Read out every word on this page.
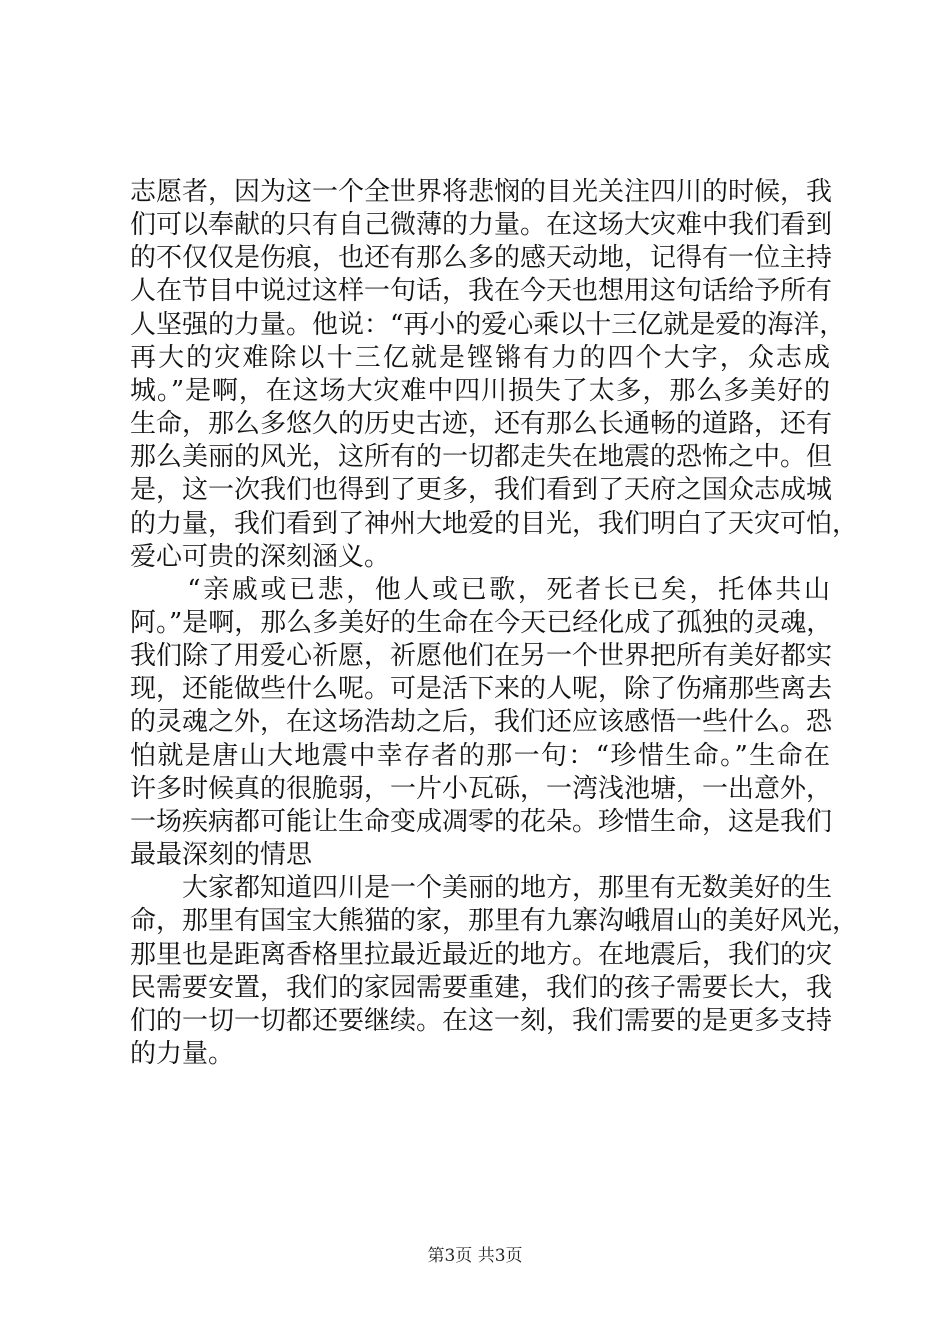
志愿者，因为这一个全世界将悲悯的目光关注四川的时候，我
们可以奉献的只有自己微薄的力量。在这场大灾难中我们看到
的不仅仅是伤痕，也还有那么多的感天动地，记得有一位主持
人在节目中说过这样一句话，我在今天也想用这句话给予所有
人坚强的力量。他说：“再小的爱心乘以十三亿就是爱的海洋，
再大的灾难除以十三亿就是铿锵有力的四个大字，众志成
城。”是啊，在这场大灾难中四川损失了太多，那么多美好的
生命，那么多悠久的历史古迹，还有那么长通畅的道路，还有
那么美丽的风光，这所有的一切都走失在地震的恐怖之中。但
是，这一次我们也得到了更多，我们看到了天府之国众志成城
的力量，我们看到了神州大地爱的目光，我们明白了天灾可怕，
爱心可贵的深刻涵义。
　　“亲戚或已悲，他人或已歌，死者长已矣，托体共山
阿。”是啊，那么多美好的生命在今天已经化成了孤独的灵魂，
我们除了用爱心祈愿，祈愿他们在另一个世界把所有美好都实
现，还能做些什么呢。可是活下来的人呢，除了伤痛那些离去
的灵魂之外，在这场浩劫之后，我们还应该感悟一些什么。恐
怕就是唐山大地震中幸存者的那一句：“珍惜生命。”生命在
许多时候真的很脆弱，一片小瓦砾，一湾浅池塘，一出意外，
一场疾病都可能让生命变成凋零的花朵。珍惜生命，这是我们
最最深刻的情思
　　大家都知道四川是一个美丽的地方，那里有无数美好的生
命，那里有国宝大熊猫的家，那里有九寨沟峨眉山的美好风光，
那里也是距离香格里拉最近最近的地方。在地震后，我们的灾
民需要安置，我们的家园需要重建，我们的孩子需要长大，我
们的一切一切都还要继续。在这一刻，我们需要的是更多支持
的力量。
第3页 共3页
